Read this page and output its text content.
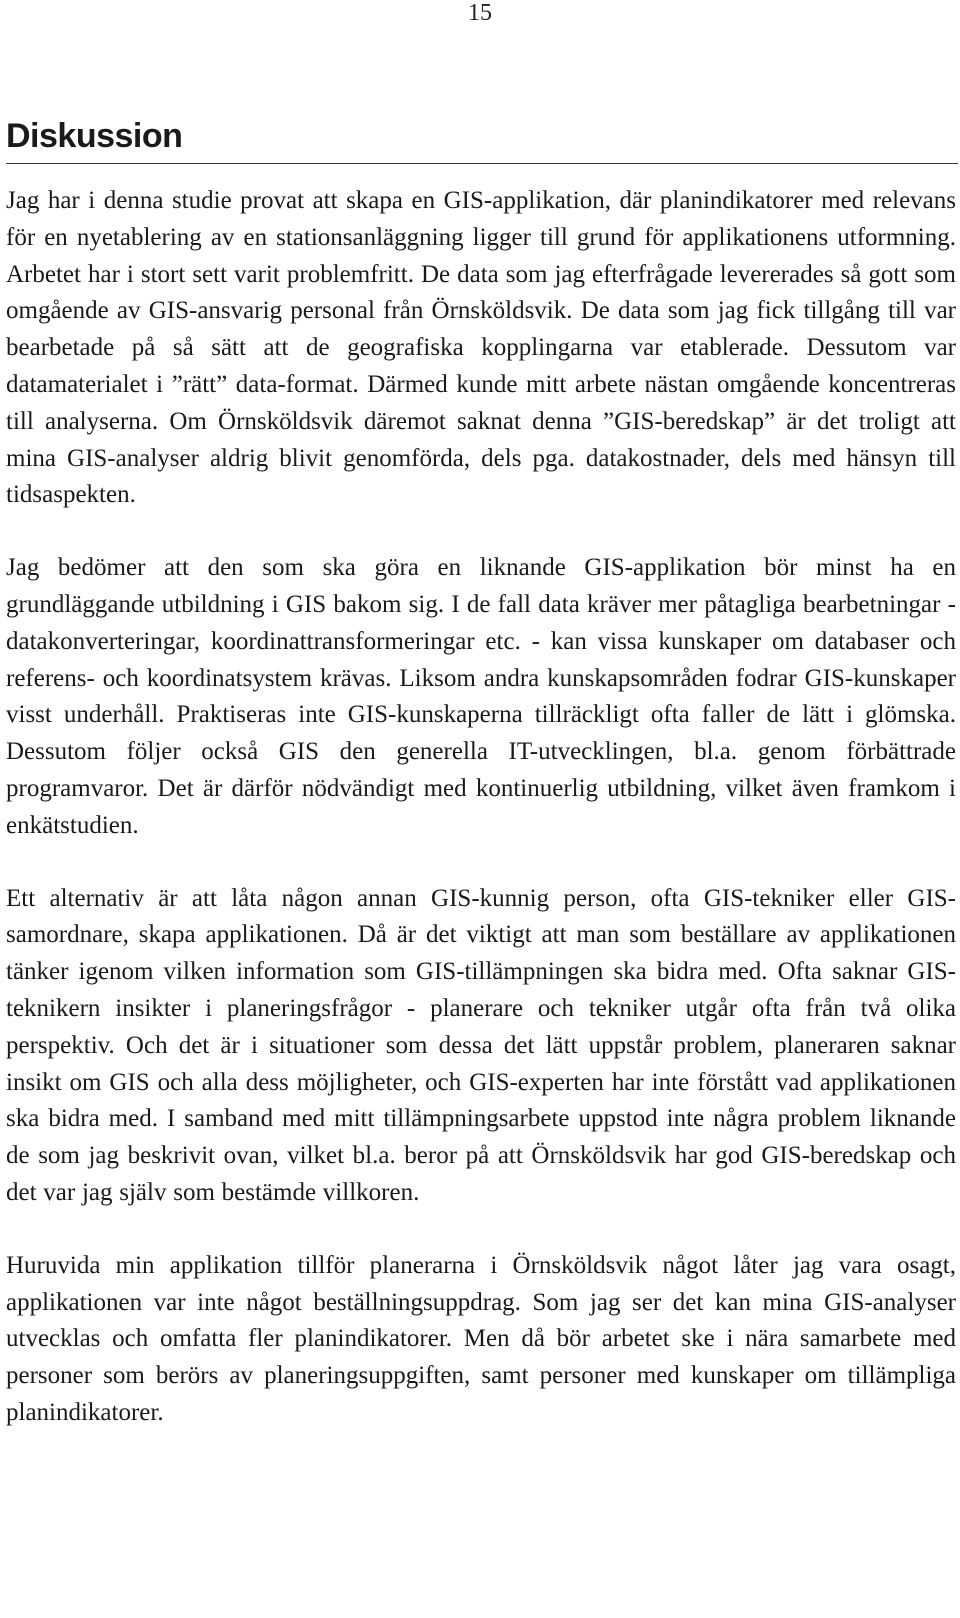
15
Diskussion

Jag har i denna studie provat att skapa en GIS-applikation, där planindikatorer med relevans för en nyetablering av en stationsanläggning ligger till grund för applikationens utformning. Arbetet har i stort sett varit problemfritt. De data som jag efterfrågade levererades så gott som omgående av GIS-ansvarig personal från Örnsköldsvik. De data som jag fick tillgång till var bearbetade på så sätt att de geografiska kopplingarna var etablerade. Dessutom var datamaterialet i ”rätt” data-format. Därmed kunde mitt arbete nästan omgående koncentreras till analyserna. Om Örnsköldsvik däremot saknat denna ”GIS-beredskap” är det troligt att mina GIS-analyser aldrig blivit genomförda, dels pga. datakostnader, dels med hänsyn till tidsaspekten.

Jag bedömer att den som ska göra en liknande GIS-applikation bör minst ha en grundläggande utbildning i GIS bakom sig. I de fall data kräver mer påtagliga bearbetningar - datakonverteringar, koordinattransformeringar etc. - kan vissa kunskaper om databaser och referens- och koordinatsystem krävas. Liksom andra kunskapsområden fodrar GIS-kunskaper visst underhåll. Praktiseras inte GIS-kunskaperna tillräckligt ofta faller de lätt i glömska. Dessutom följer också GIS den generella IT-utvecklingen, bl.a. genom förbättrade programvaror. Det är därför nödvändigt med kontinuerlig utbildning, vilket även framkom i enkätstudien.

Ett alternativ är att låta någon annan GIS-kunnig person, ofta GIS-tekniker eller GIS-samordnare, skapa applikationen. Då är det viktigt att man som beställare av applikationen tänker igenom vilken information som GIS-tillämpningen ska bidra med. Ofta saknar GIS-teknikern insikter i planeringsfrågor - planerare och tekniker utgår ofta från två olika perspektiv. Och det är i situationer som dessa det lätt uppstår problem, planeraren saknar insikt om GIS och alla dess möjligheter, och GIS-experten har inte förstått vad applikationen ska bidra med. I samband med mitt tillämpningsarbete uppstod inte några problem liknande de som jag beskrivit ovan, vilket bl.a. beror på att Örnsköldsvik har god GIS-beredskap och det var jag själv som bestämde villkoren.

Huruvida min applikation tillför planerarna i Örnsköldsvik något låter jag vara osagt, applikationen var inte något beställningsuppdrag. Som jag ser det kan mina GIS-analyser utvecklas och omfatta fler planindikatorer. Men då bör arbetet ske i nära samarbete med personer som berörs av planeringsuppgiften, samt personer med kunskaper om tillämpliga planindikatorer.
